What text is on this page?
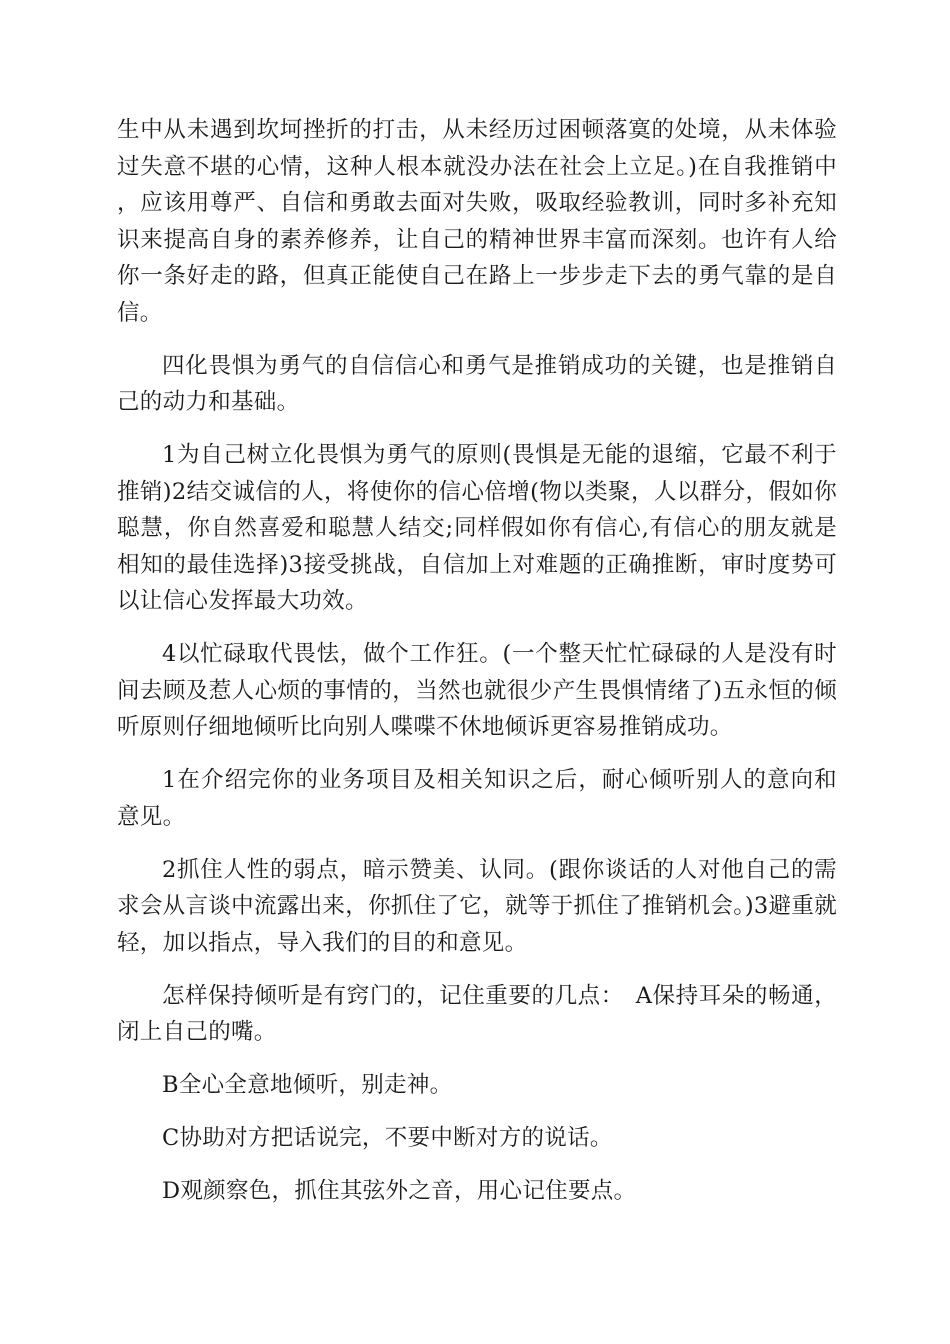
生中从未遇到坎坷挫折的打击，从未经历过困顿落寞的处境，从未体验过失意不堪的心情，这种人根本就没办法在社会上立足。)在自我推销中，应该用尊严、自信和勇敢去面对失败，吸取经验教训，同时多补充知识来提高自身的素养修养，让自己的精神世界丰富而深刻。也许有人给你一条好走的路，但真正能使自己在路上一步步走下去的勇气靠的是自信。

四化畏惧为勇气的自信信心和勇气是推销成功的关键，也是推销自己的动力和基础。

1为自己树立化畏惧为勇气的原则(畏惧是无能的退缩，它最不利于推销)2结交诚信的人，将使你的信心倍增(物以类聚，人以群分，假如你聪慧，你自然喜爱和聪慧人结交;同样假如你有信心,有信心的朋友就是相知的最佳选择)3接受挑战，自信加上对难题的正确推断，审时度势可以让信心发挥最大功效。

4以忙碌取代畏怯，做个工作狂。(一个整天忙忙碌碌的人是没有时间去顾及惹人心烦的事情的，当然也就很少产生畏惧情绪了)五永恒的倾听原则仔细地倾听比向别人喋喋不休地倾诉更容易推销成功。

1在介绍完你的业务项目及相关知识之后，耐心倾听别人的意向和意见。

2抓住人性的弱点，暗示赞美、认同。(跟你谈话的人对他自己的需求会从言谈中流露出来，你抓住了它，就等于抓住了推销机会。)3避重就轻，加以指点，导入我们的目的和意见。

怎样保持倾听是有窍门的，记住重要的几点：　A保持耳朵的畅通，闭上自己的嘴。

B全心全意地倾听，别走神。

C协助对方把话说完，不要中断对方的说话。

D观颜察色，抓住其弦外之音，用心记住要点。
